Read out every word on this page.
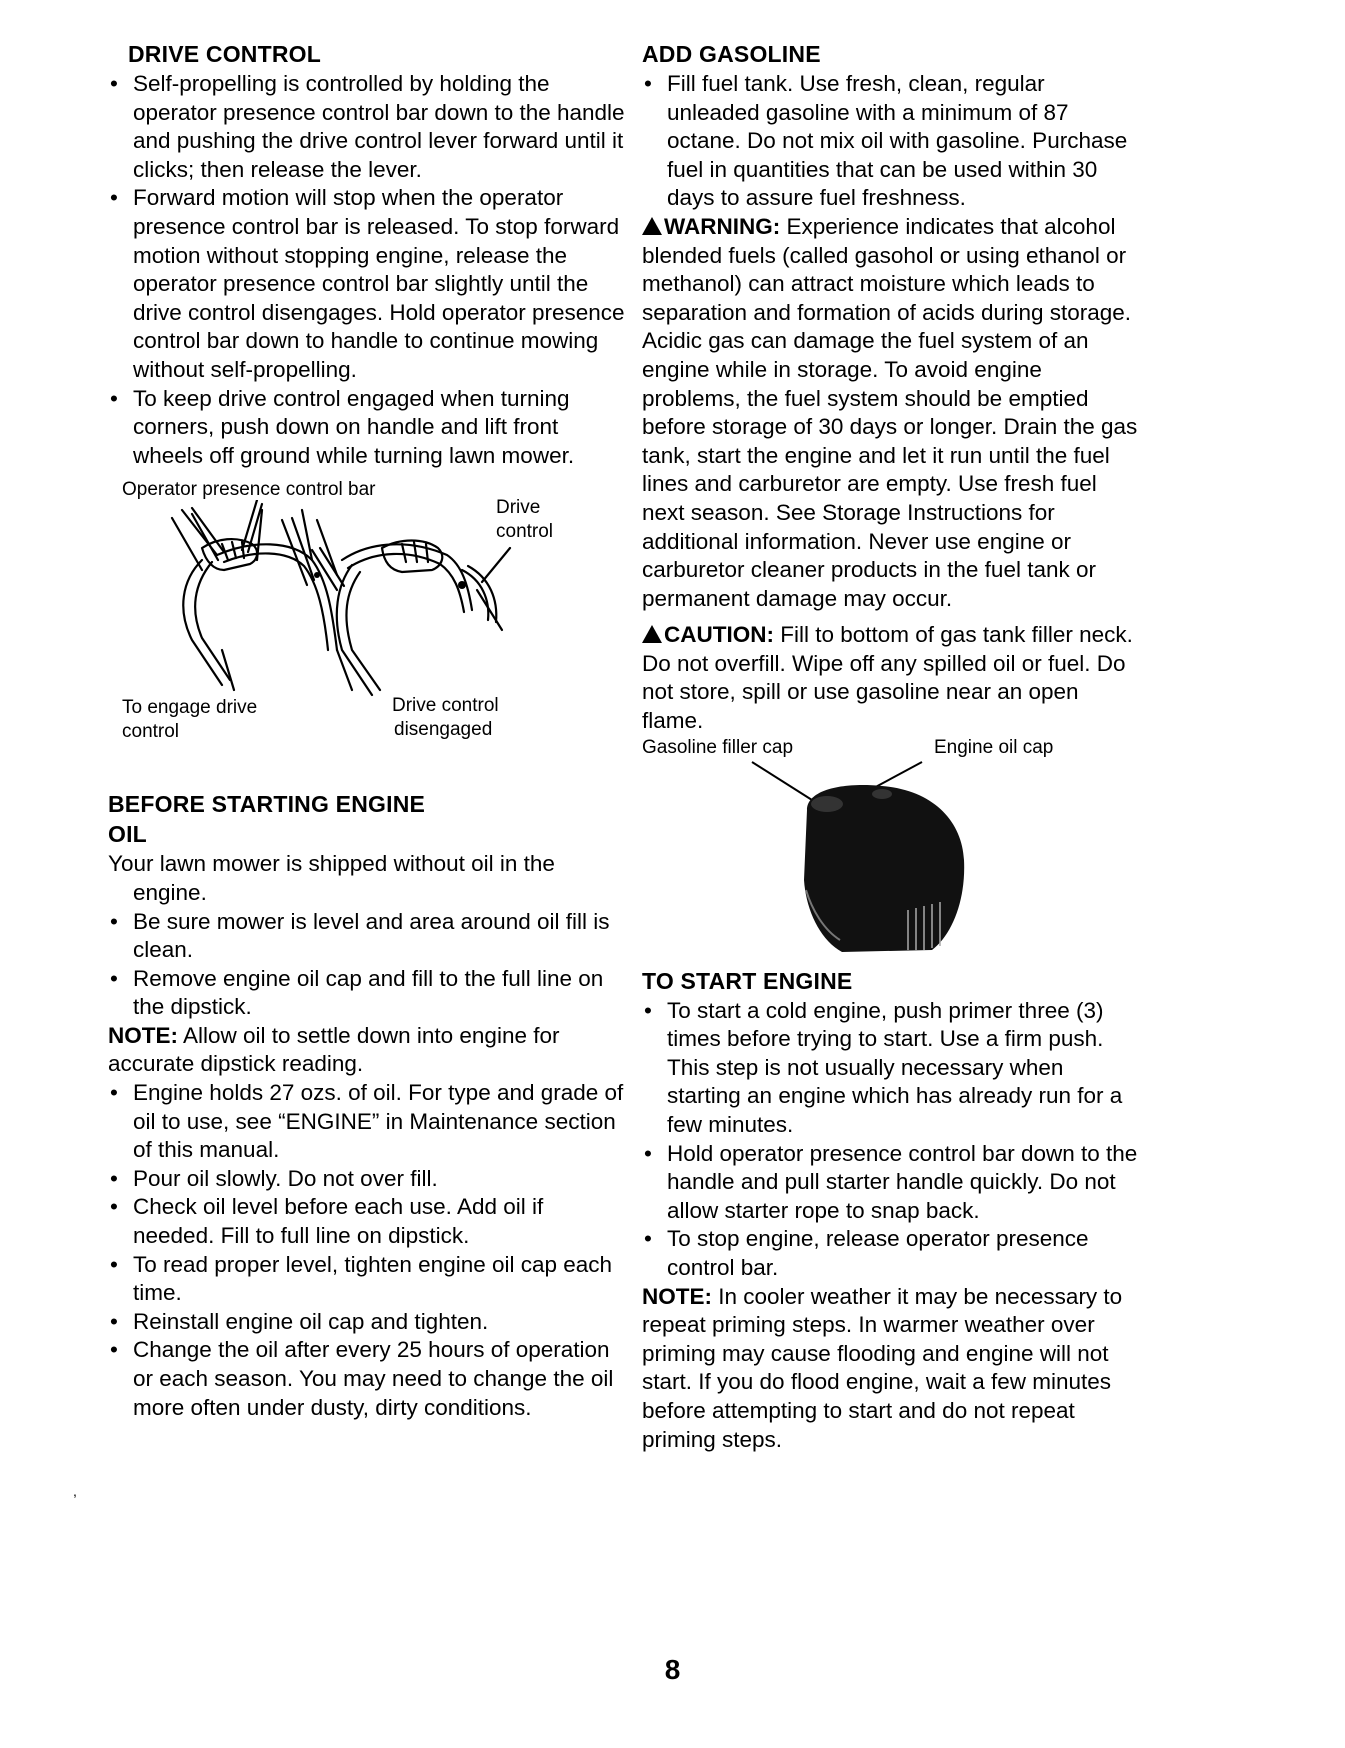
DRIVE CONTROL
• Self-propelling is controlled by holding the operator presence control bar down to the handle and pushing the drive control lever forward until it clicks; then release the lever.
• Forward motion will stop when the operator presence control bar is released. To stop forward motion without stopping engine, release the operator presence control bar slightly until the drive control disengages. Hold operator presence control bar down to handle to continue mowing without self-propelling.
• To keep drive control engaged when turning corners, push down on handle and lift front wheels off ground while turning lawn mower.
Operator presence control bar
Drive
control
To engage drive
control
Drive control
disengaged
BEFORE STARTING ENGINE
OIL

Your lawn mower is shipped without oil in the engine.

• Be sure mower is level and area around oil fill is clean.
• Remove engine oil cap and fill to the full line on the dipstick.

NOTE: Allow oil to settle down into engine for accurate dipstick reading.

• Engine holds 27 ozs. of oil. For type and grade of oil to use, see “ENGINE” in Maintenance section of this manual.
• Pour oil slowly. Do not over fill.
• Check oil level before each use. Add oil if needed. Fill to full line on dipstick.
• To read proper level, tighten engine oil cap each time.
• Reinstall engine oil cap and tighten.
• Change the oil after every 25 hours of operation or each season. You may need to change the oil more often under dusty, dirty conditions.
ADD GASOLINE
• Fill fuel tank. Use fresh, clean, regular unleaded gasoline with a minimum of 87 octane. Do not mix oil with gasoline. Purchase fuel in quantities that can be used within 30 days to assure fuel freshness.

WARNING: Experience indicates that alcohol blended fuels (called gasohol or using ethanol or methanol) can attract moisture which leads to separation and formation of acids during storage. Acidic gas can damage the fuel system of an engine while in storage. To avoid engine problems, the fuel system should be emptied before storage of 30 days or longer. Drain the gas tank, start the engine and let it run until the fuel lines and carburetor are empty. Use fresh fuel next season. See Storage Instructions for additional information. Never use engine or carburetor cleaner products in the fuel tank or permanent damage may occur.

CAUTION: Fill to bottom of gas tank filler neck. Do not overfill. Wipe off any spilled oil or fuel. Do not store, spill or use gasoline near an open flame.

Gasoline filler cap	Engine oil cap
TO START ENGINE
• To start a cold engine, push primer three (3) times before trying to start. Use a firm push. This step is not usually necessary when starting an engine which has already run for a few minutes.
• Hold operator presence control bar down to the handle and pull starter handle quickly. Do not allow starter rope to snap back.
• To stop engine, release operator presence control bar.

NOTE: In cooler weather it may be necessary to repeat priming steps. In warmer weather over priming may cause flooding and engine will not start. If you do flood engine, wait a few minutes before attempting to start and do not repeat priming steps.

,
8
